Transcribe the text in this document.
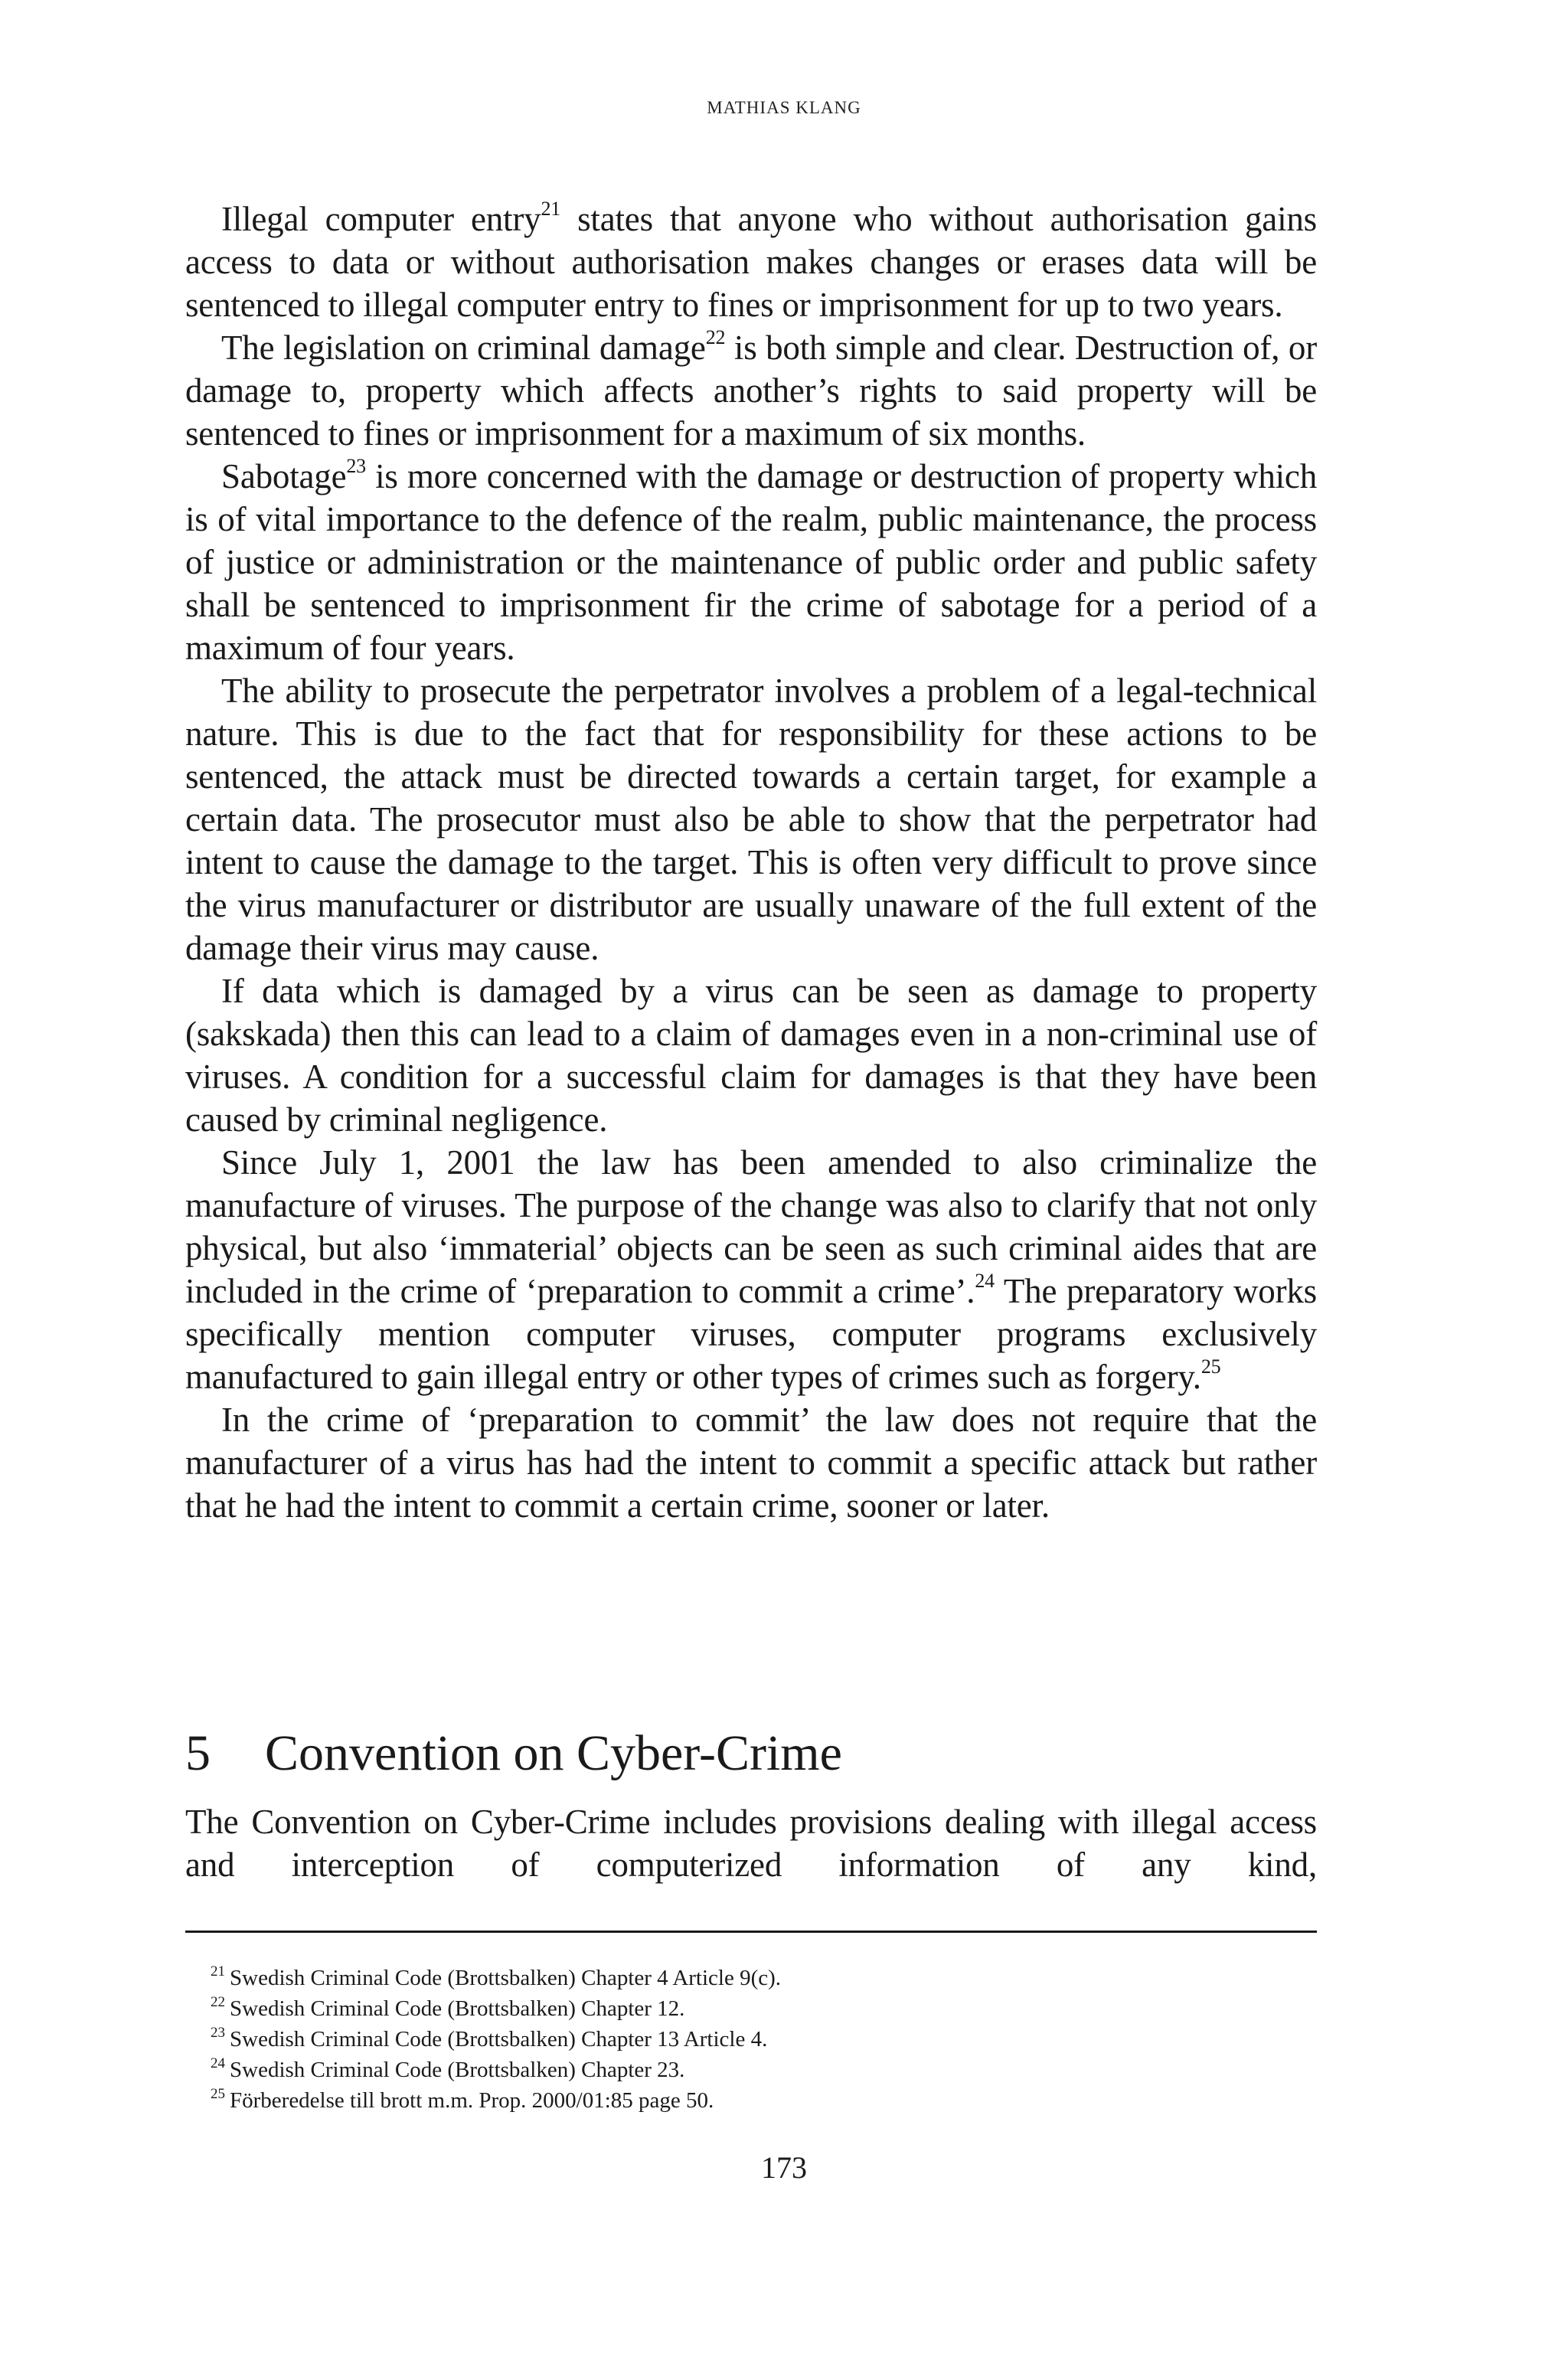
MATHIAS KLANG

Illegal computer entry$^{21}$ states that anyone who without authorisation gains access to data or without authorisation makes changes or erases data will be sentenced to illegal computer entry to fines or imprisonment for up to two years.

The legislation on criminal damage$^{22}$ is both simple and clear. Destruction of, or damage to, property which affects another’s rights to said property will be sentenced to fines or imprisonment for a maximum of six months.

Sabotage$^{23}$ is more concerned with the damage or destruction of property which is of vital importance to the defence of the realm, public maintenance, the process of justice or administration or the maintenance of public order and public safety shall be sentenced to imprisonment fir the crime of sabotage for a period of a maximum of four years.

The ability to prosecute the perpetrator involves a problem of a legal-technical nature. This is due to the fact that for responsibility for these actions to be sentenced, the attack must be directed towards a certain target, for example a certain data. The prosecutor must also be able to show that the perpetrator had intent to cause the damage to the target. This is often very difficult to prove since the virus manufacturer or distributor are usually unaware of the full extent of the damage their virus may cause.

If data which is damaged by a virus can be seen as damage to property (sakskada) then this can lead to a claim of damages even in a non-criminal use of viruses. A condition for a successful claim for damages is that they have been caused by criminal negligence.

Since July 1, 2001 the law has been amended to also criminalize the manufacture of viruses. The purpose of the change was also to clarify that not only physical, but also ‘immaterial’ objects can be seen as such criminal aides that are included in the crime of ‘preparation to commit a crime’.$^{24}$ The preparatory works specifically mention computer viruses, computer programs exclusively manufactured to gain illegal entry or other types of crimes such as forgery.$^{25}$

In the crime of ‘preparation to commit’ the law does not require that the manufacturer of a virus has had the intent to commit a specific attack but rather that he had the intent to commit a certain crime, sooner or later.

5 Convention on Cyber-Crime

The Convention on Cyber-Crime includes provisions dealing with illegal access and interception of computerized information of any kind,

$^{21}$ Swedish Criminal Code (Brottsbalken) Chapter 4 Article 9(c).

$^{22}$ Swedish Criminal Code (Brottsbalken) Chapter 12.

$^{23}$ Swedish Criminal Code (Brottsbalken) Chapter 13 Article 4.

$^{24}$ Swedish Criminal Code (Brottsbalken) Chapter 23.

$^{25}$ Förberedelse till brott m.m. Prop. 2000/01:85 page 50.

173
